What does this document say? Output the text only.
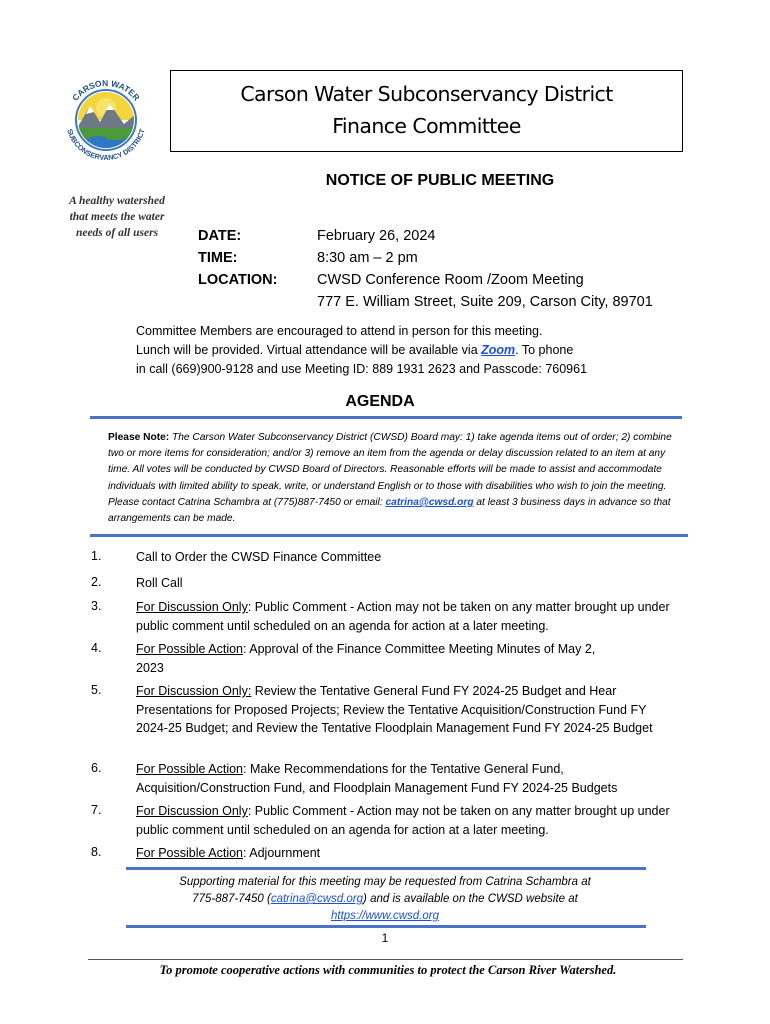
CARSON WATER
SUBCONSERVANCY DISTRICT
A healthy watershed
that meets the water
needs of all users
Carson Water Subconservancy District
Finance Committee
NOTICE OF PUBLIC MEETING
DATE:	February 26, 2024
TIME:	8:30 am – 2 pm
LOCATION:	CWSD Conference Room /Zoom Meeting
777 E. William Street, Suite 209, Carson City, 89701
Committee Members are encouraged to attend in person for this meeting.
Lunch will be provided. Virtual attendance will be available via Zoom. To phone
in call (669)900-9128 and use Meeting ID: 889 1931 2623 and Passcode: 760961
AGENDA
Please Note: The Carson Water Subconservancy District (CWSD) Board may: 1) take agenda items out of order; 2) combine two or more items for consideration; and/or 3) remove an item from the agenda or delay discussion related to an item at any time. All votes will be conducted by CWSD Board of Directors. Reasonable efforts will be made to assist and accommodate individuals with limited ability to speak, write, or understand English or to those with disabilities who wish to join the meeting. Please contact Catrina Schambra at (775)887-7450 or email: catrina@cwsd.org at least 3 business days in advance so that arrangements can be made.
1.	Call to Order the CWSD Finance Committee
2.	Roll Call
3.	For Discussion Only: Public Comment - Action may not be taken on any matter brought up under public comment until scheduled on an agenda for action at a later meeting.
4.	For Possible Action: Approval of the Finance Committee Meeting Minutes of May 2, 2023
5.	For Discussion Only: Review the Tentative General Fund FY 2024-25 Budget and Hear Presentations for Proposed Projects; Review the Tentative Acquisition/Construction Fund FY 2024-25 Budget; and Review the Tentative Floodplain Management Fund FY 2024-25 Budget
6.	For Possible Action: Make Recommendations for the Tentative General Fund, Acquisition/Construction Fund, and Floodplain Management Fund FY 2024-25 Budgets
7.	For Discussion Only: Public Comment - Action may not be taken on any matter brought up under public comment until scheduled on an agenda for action at a later meeting.
8.	For Possible Action: Adjournment
Supporting material for this meeting may be requested from Catrina Schambra at
775-887-7450 (catrina@cwsd.org) and is available on the CWSD website at
https://www.cwsd.org
1
To promote cooperative actions with communities to protect the Carson River Watershed.
